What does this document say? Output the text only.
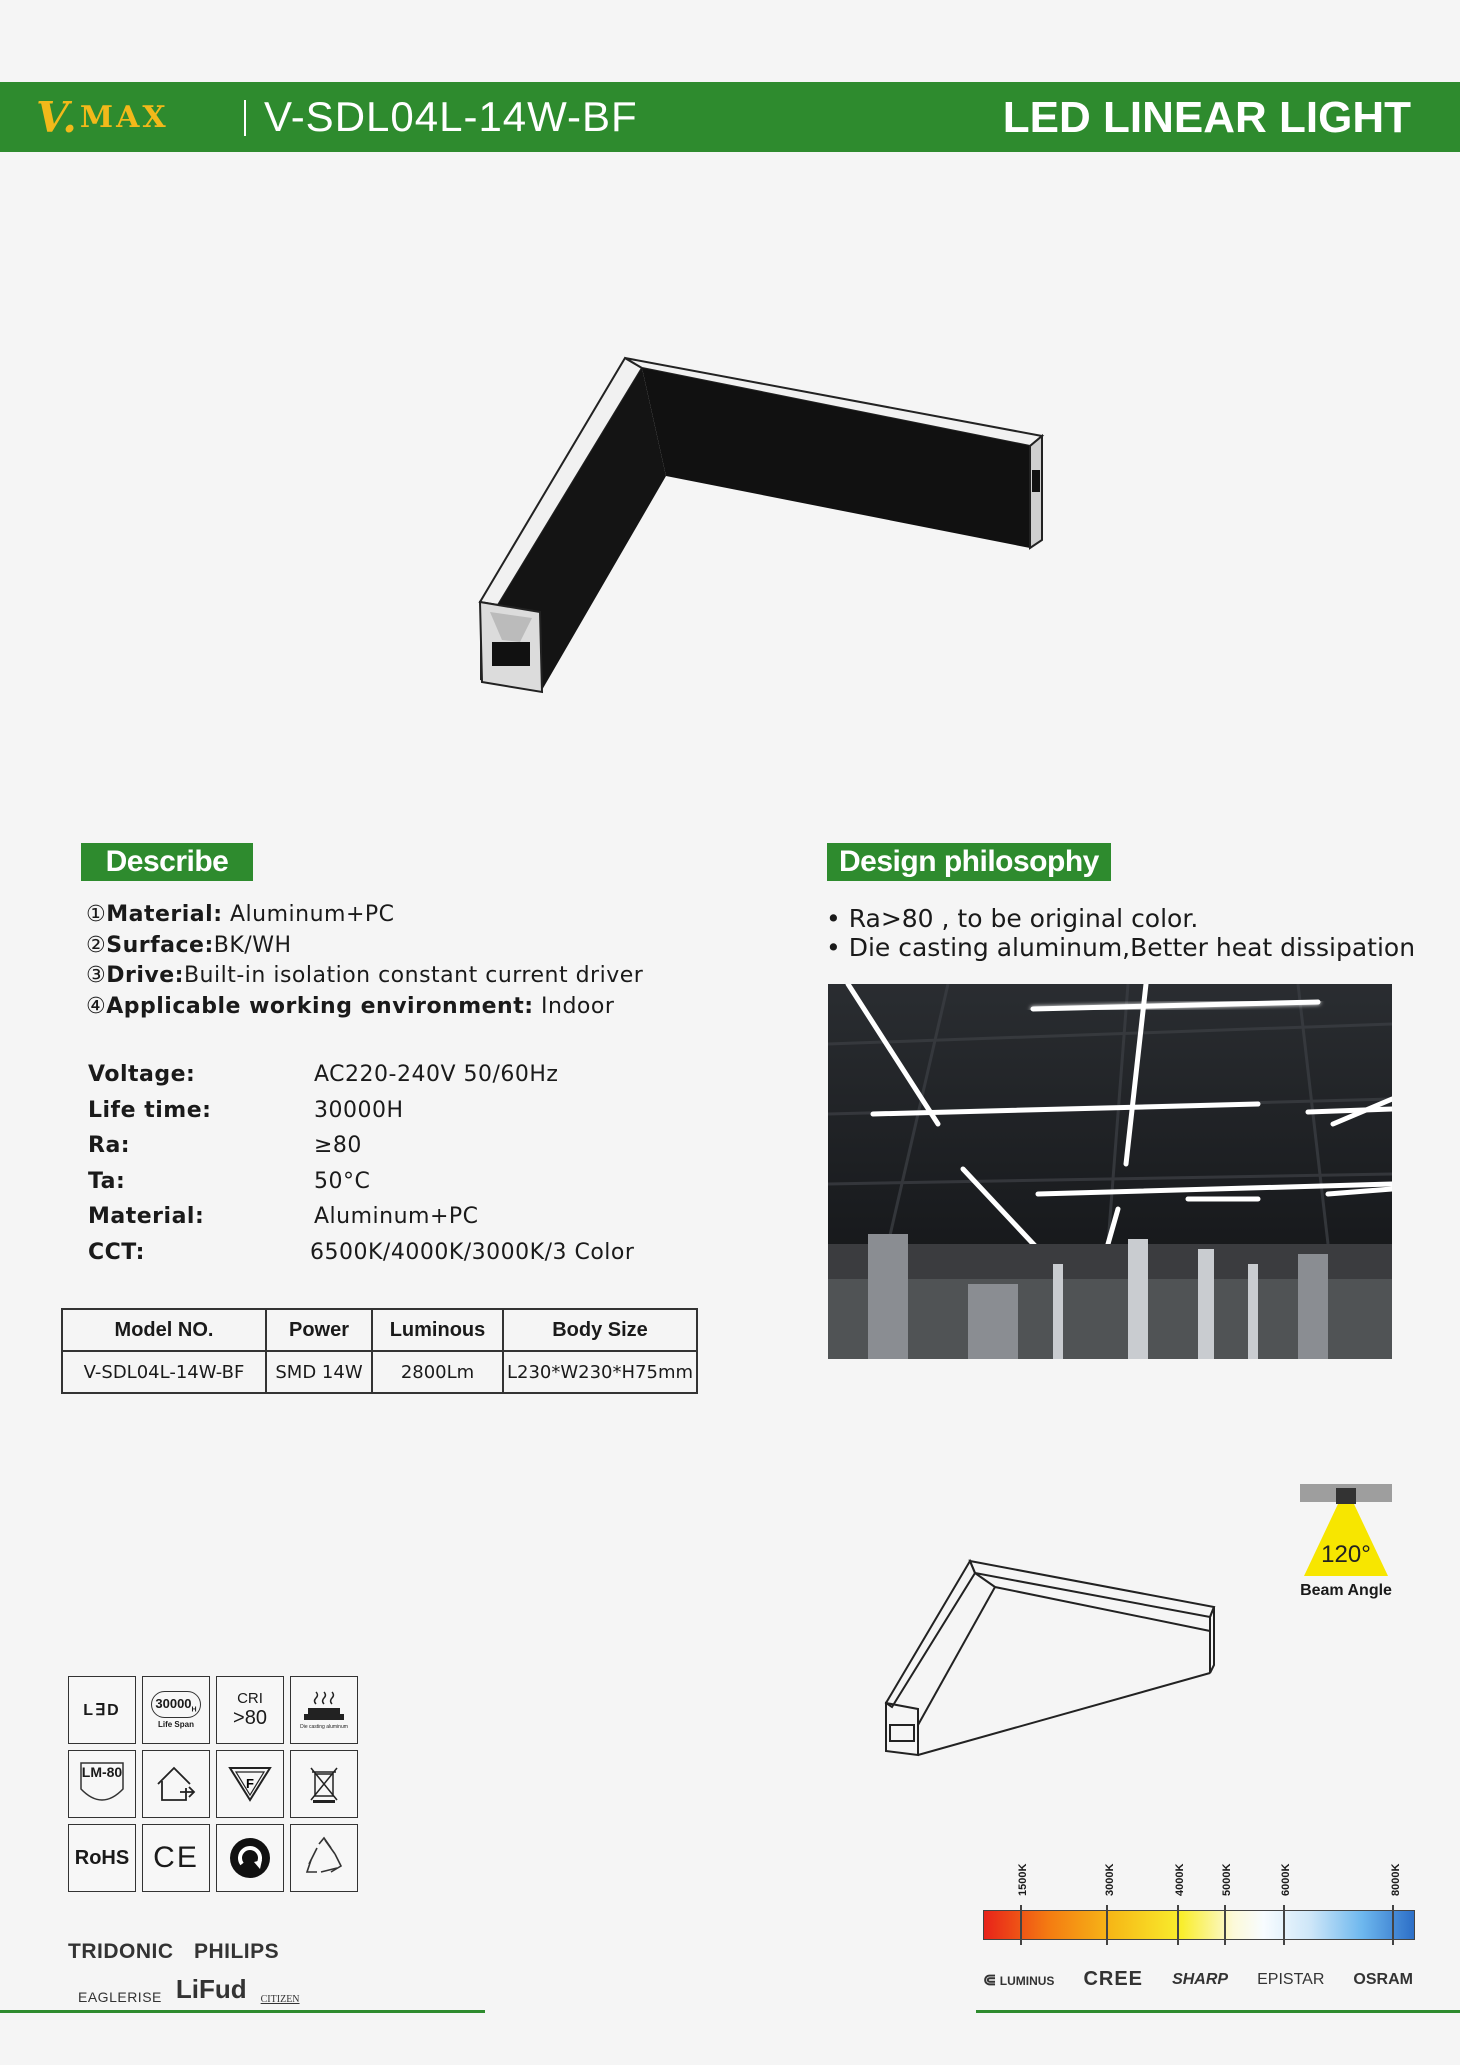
V. MAX V-SDL04L-14W-BF	LED LINEAR LIGHT
Describe
①Material: Aluminum+PC
②Surface:BK/WH
③Drive:Built-in isolation constant current driver
④Applicable working environment: Indoor
Voltage:	AC220-240V 50/60Hz
Life time:	30000H
Ra:	≥80
Ta:	50°C
Material:	Aluminum+PC
CCT:	6500K/4000K/3000K/3 Color
Model NO.	Power	Luminous	Body Size
V-SDL04L-14W-BF	SMD 14W	2800Lm	L230*W230*H75mm
Design philosophy
• Ra>80 , to be original color.
• Die casting aluminum,Better heat dissipation
120°
Beam Angle
L∃D	$30000_H$
Life Span
CRI
>80	Die casting aluminum
LM-80
F
RoHS CE
TRIDONIC PHILIPS
EAGLERISE LiFud CITIZEN
1500K	3000K	4000K	5000K	6000K	8000K
⋐ LUMINUS CREE SHARP EPISTAR OSRAM
